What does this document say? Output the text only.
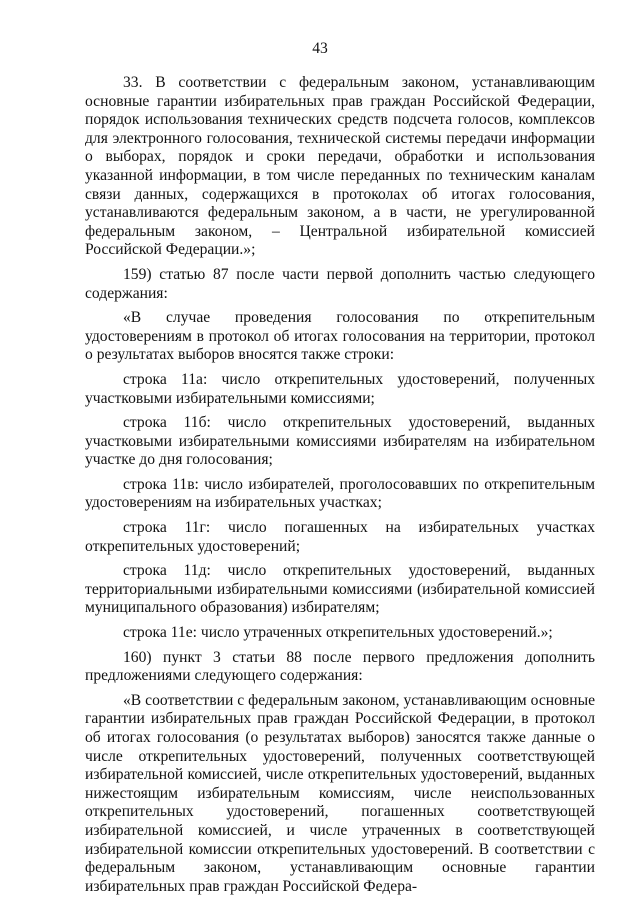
43

33. В соответствии с федеральным законом, устанавливающим основные гарантии избирательных прав граждан Российской Федерации, порядок использования технических средств подсчета голосов, комплексов для электронного голосования, технической системы передачи информации о выборах, порядок и сроки передачи, обработки и использования указанной информации, в том числе переданных по техническим каналам связи данных, содержащихся в протоколах об итогах голосования, устанавливаются федеральным законом, а в части, не урегулированной федеральным законом, – Центральной избирательной комиссией Российской Федерации.»;

159) статью 87 после части первой дополнить частью следующего содержания:

«В случае проведения голосования по открепительным удостоверениям в протокол об итогах голосования на территории, протокол о результатах выборов вносятся также строки:

строка 11а: число открепительных удостоверений, полученных участковыми избирательными комиссиями;

строка 11б: число открепительных удостоверений, выданных участковыми избирательными комиссиями избирателям на избирательном участке до дня голосования;

строка 11в: число избирателей, проголосовавших по открепительным удостоверениям на избирательных участках;

строка 11г: число погашенных на избирательных участках открепительных удостоверений;

строка 11д: число открепительных удостоверений, выданных территориальными избирательными комиссиями (избирательной комиссией муниципального образования) избирателям;

строка 11е: число утраченных открепительных удостоверений.»;

160) пункт 3 статьи 88 после первого предложения дополнить предложениями следующего содержания:

«В соответствии с федеральным законом, устанавливающим основные гарантии избирательных прав граждан Российской Федерации, в протокол об итогах голосования (о результатах выборов) заносятся также данные о числе открепительных удостоверений, полученных соответствующей избирательной комиссией, числе открепительных удостоверений, выданных нижестоящим избирательным комиссиям, числе неиспользованных открепительных удостоверений, погашенных соответствующей избирательной комиссией, и числе утраченных в соответствующей избирательной комиссии открепительных удостоверений. В соответствии с федеральным законом, устанавливающим основные гарантии избирательных прав граждан Российской Федера-
